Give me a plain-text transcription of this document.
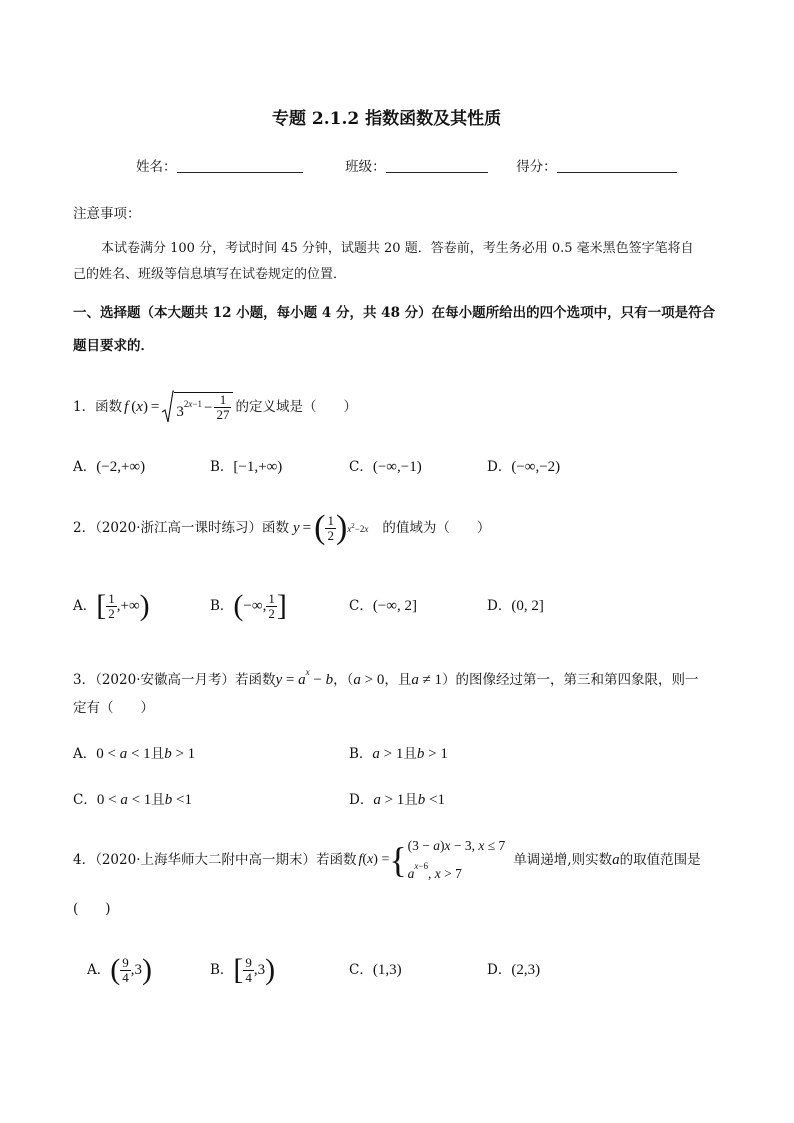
专题 2.1.2 指数函数及其性质
姓名：	班级：	得分：
注意事项：
本试卷满分 100 分，考试时间 45 分钟，试题共 20 题．答卷前，考生务必用 0.5 毫米黑色签字笔将自
己的姓名、班级等信息填写在试卷规定的位置．
一、选择题（本大题共 12 小题，每小题 4 分，共 48 分）在每小题所给出的四个选项中，只有一项是符合
题目要求的．
1．函数 f  ( x ) =  $3^{2x-1} - \frac{1}{27}$ 的定义域是（　　）
A．(−2,+∞)	B．[−1,+∞)	C．(−∞,−1)	D．(−∞,−2)
2．（2020·浙江高一课时练习）函数 y  =  ( $\frac{1}{2}$ ) $x^2-2x$ 的值域为（　　）
A． [ $\frac{1}{2}$ ,+∞ )	B． ( −∞, $\frac{1}{2}$ ]	C．(−∞, 2]	D．(0, 2]
3．（2020·安徽高一月考）若函数$y = a^x - b$，（a > 0，且a ≠ 1）的图像经过第一，第三和第四象限，则一
定有（　　）
A．0 < a < 1且b > 1	B．a > 1且b > 1
C．0 < a < 1且b <1	D．a > 1且b <1
4．（2020·上海华师大二附中高一期末）若函数 f ( x ) = { (3 − a)x − 3, x ≤ 7
$a^{x-6}$, x > 7
单调递增,则实数 a 的取值范围是
(　　)
A． ( $\frac{9}{4} ,3$ )	B． [ $\frac{9}{4} ,3$ )	C．(1,3)	D．(2,3)
